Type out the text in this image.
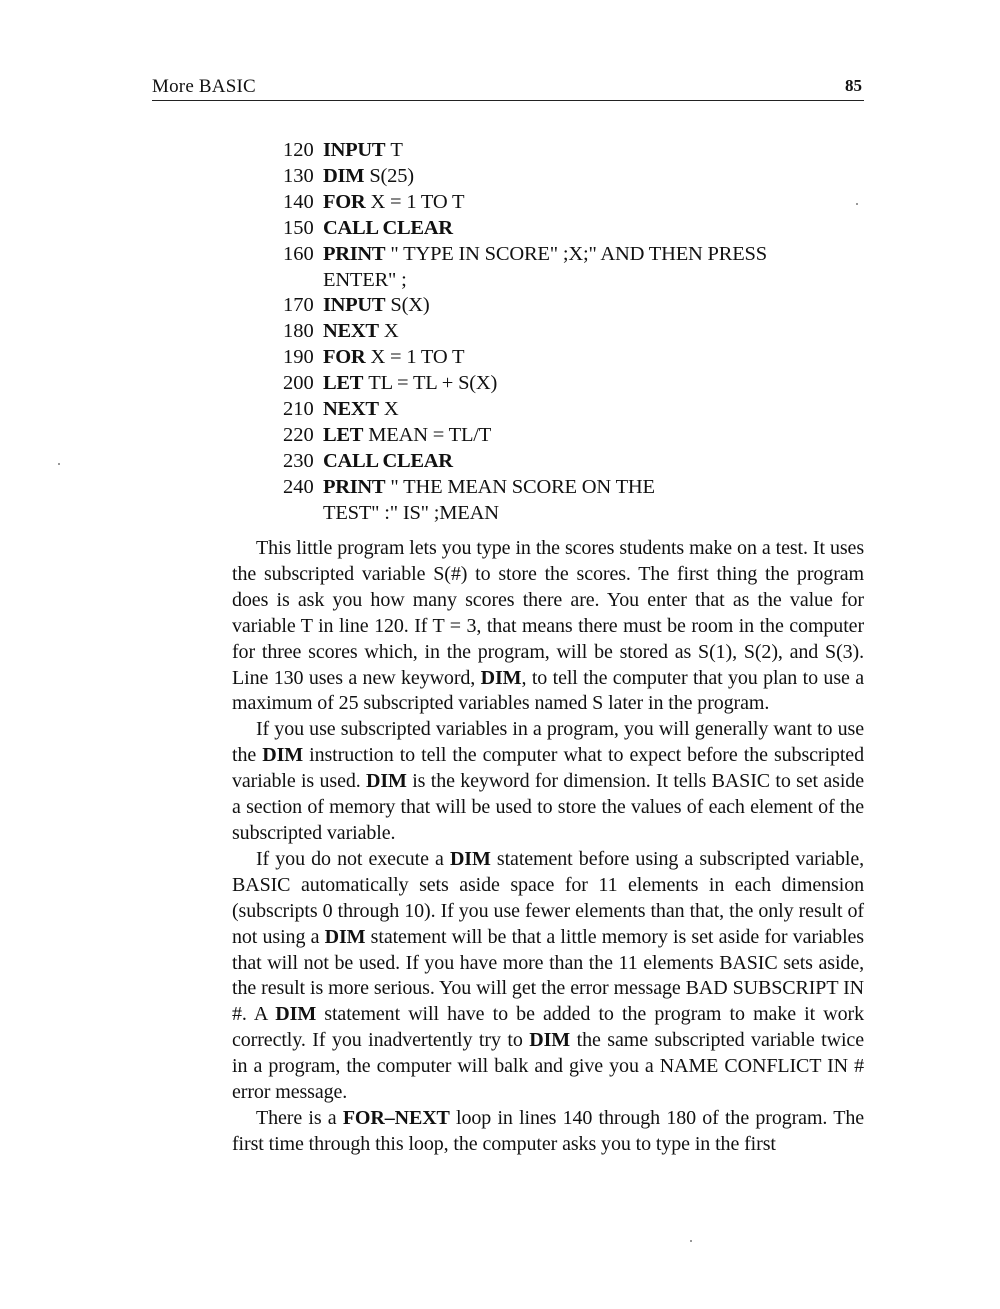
More BASIC	85
120 INPUT T
130 DIM S(25)
140 FOR X = 1 TO T
150 CALL CLEAR
160 PRINT " TYPE IN SCORE" ;X;" AND THEN PRESS
ENTER" ;
170 INPUT S(X)
180 NEXT X
190 FOR X = 1 TO T
200 LET TL = TL + S(X)
210 NEXT X
220 LET MEAN = TL/T
230 CALL CLEAR
240 PRINT " THE MEAN SCORE ON THE
TEST" :" IS" ;MEAN

This little program lets you type in the scores students make on a test. It uses the subscripted variable S(#) to store the scores. The first thing the program does is ask you how many scores there are. You enter that as the value for variable T in line 120. If T = 3, that means there must be room in the computer for three scores which, in the program, will be stored as S(1), S(2), and S(3). Line 130 uses a new keyword, DIM, to tell the computer that you plan to use a maximum of 25 subscripted variables named S later in the program.

If you use subscripted variables in a program, you will generally want to use the DIM instruction to tell the computer what to expect before the subscripted variable is used. DIM is the keyword for dimension. It tells BASIC to set aside a section of memory that will be used to store the values of each element of the subscripted variable.

If you do not execute a DIM statement before using a subscripted variable, BASIC automatically sets aside space for 11 elements in each dimension (subscripts 0 through 10). If you use fewer elements than that, the only result of not using a DIM statement will be that a little memory is set aside for variables that will not be used. If you have more than the 11 elements BASIC sets aside, the result is more serious. You will get the error message BAD SUBSCRIPT IN #. A DIM statement will have to be added to the program to make it work correctly. If you inadvertently try to DIM the same subscripted variable twice in a program, the computer will balk and give you a NAME CONFLICT IN # error message.

There is a FOR–NEXT loop in lines 140 through 180 of the program. The first time through this loop, the computer asks you to type in the first
